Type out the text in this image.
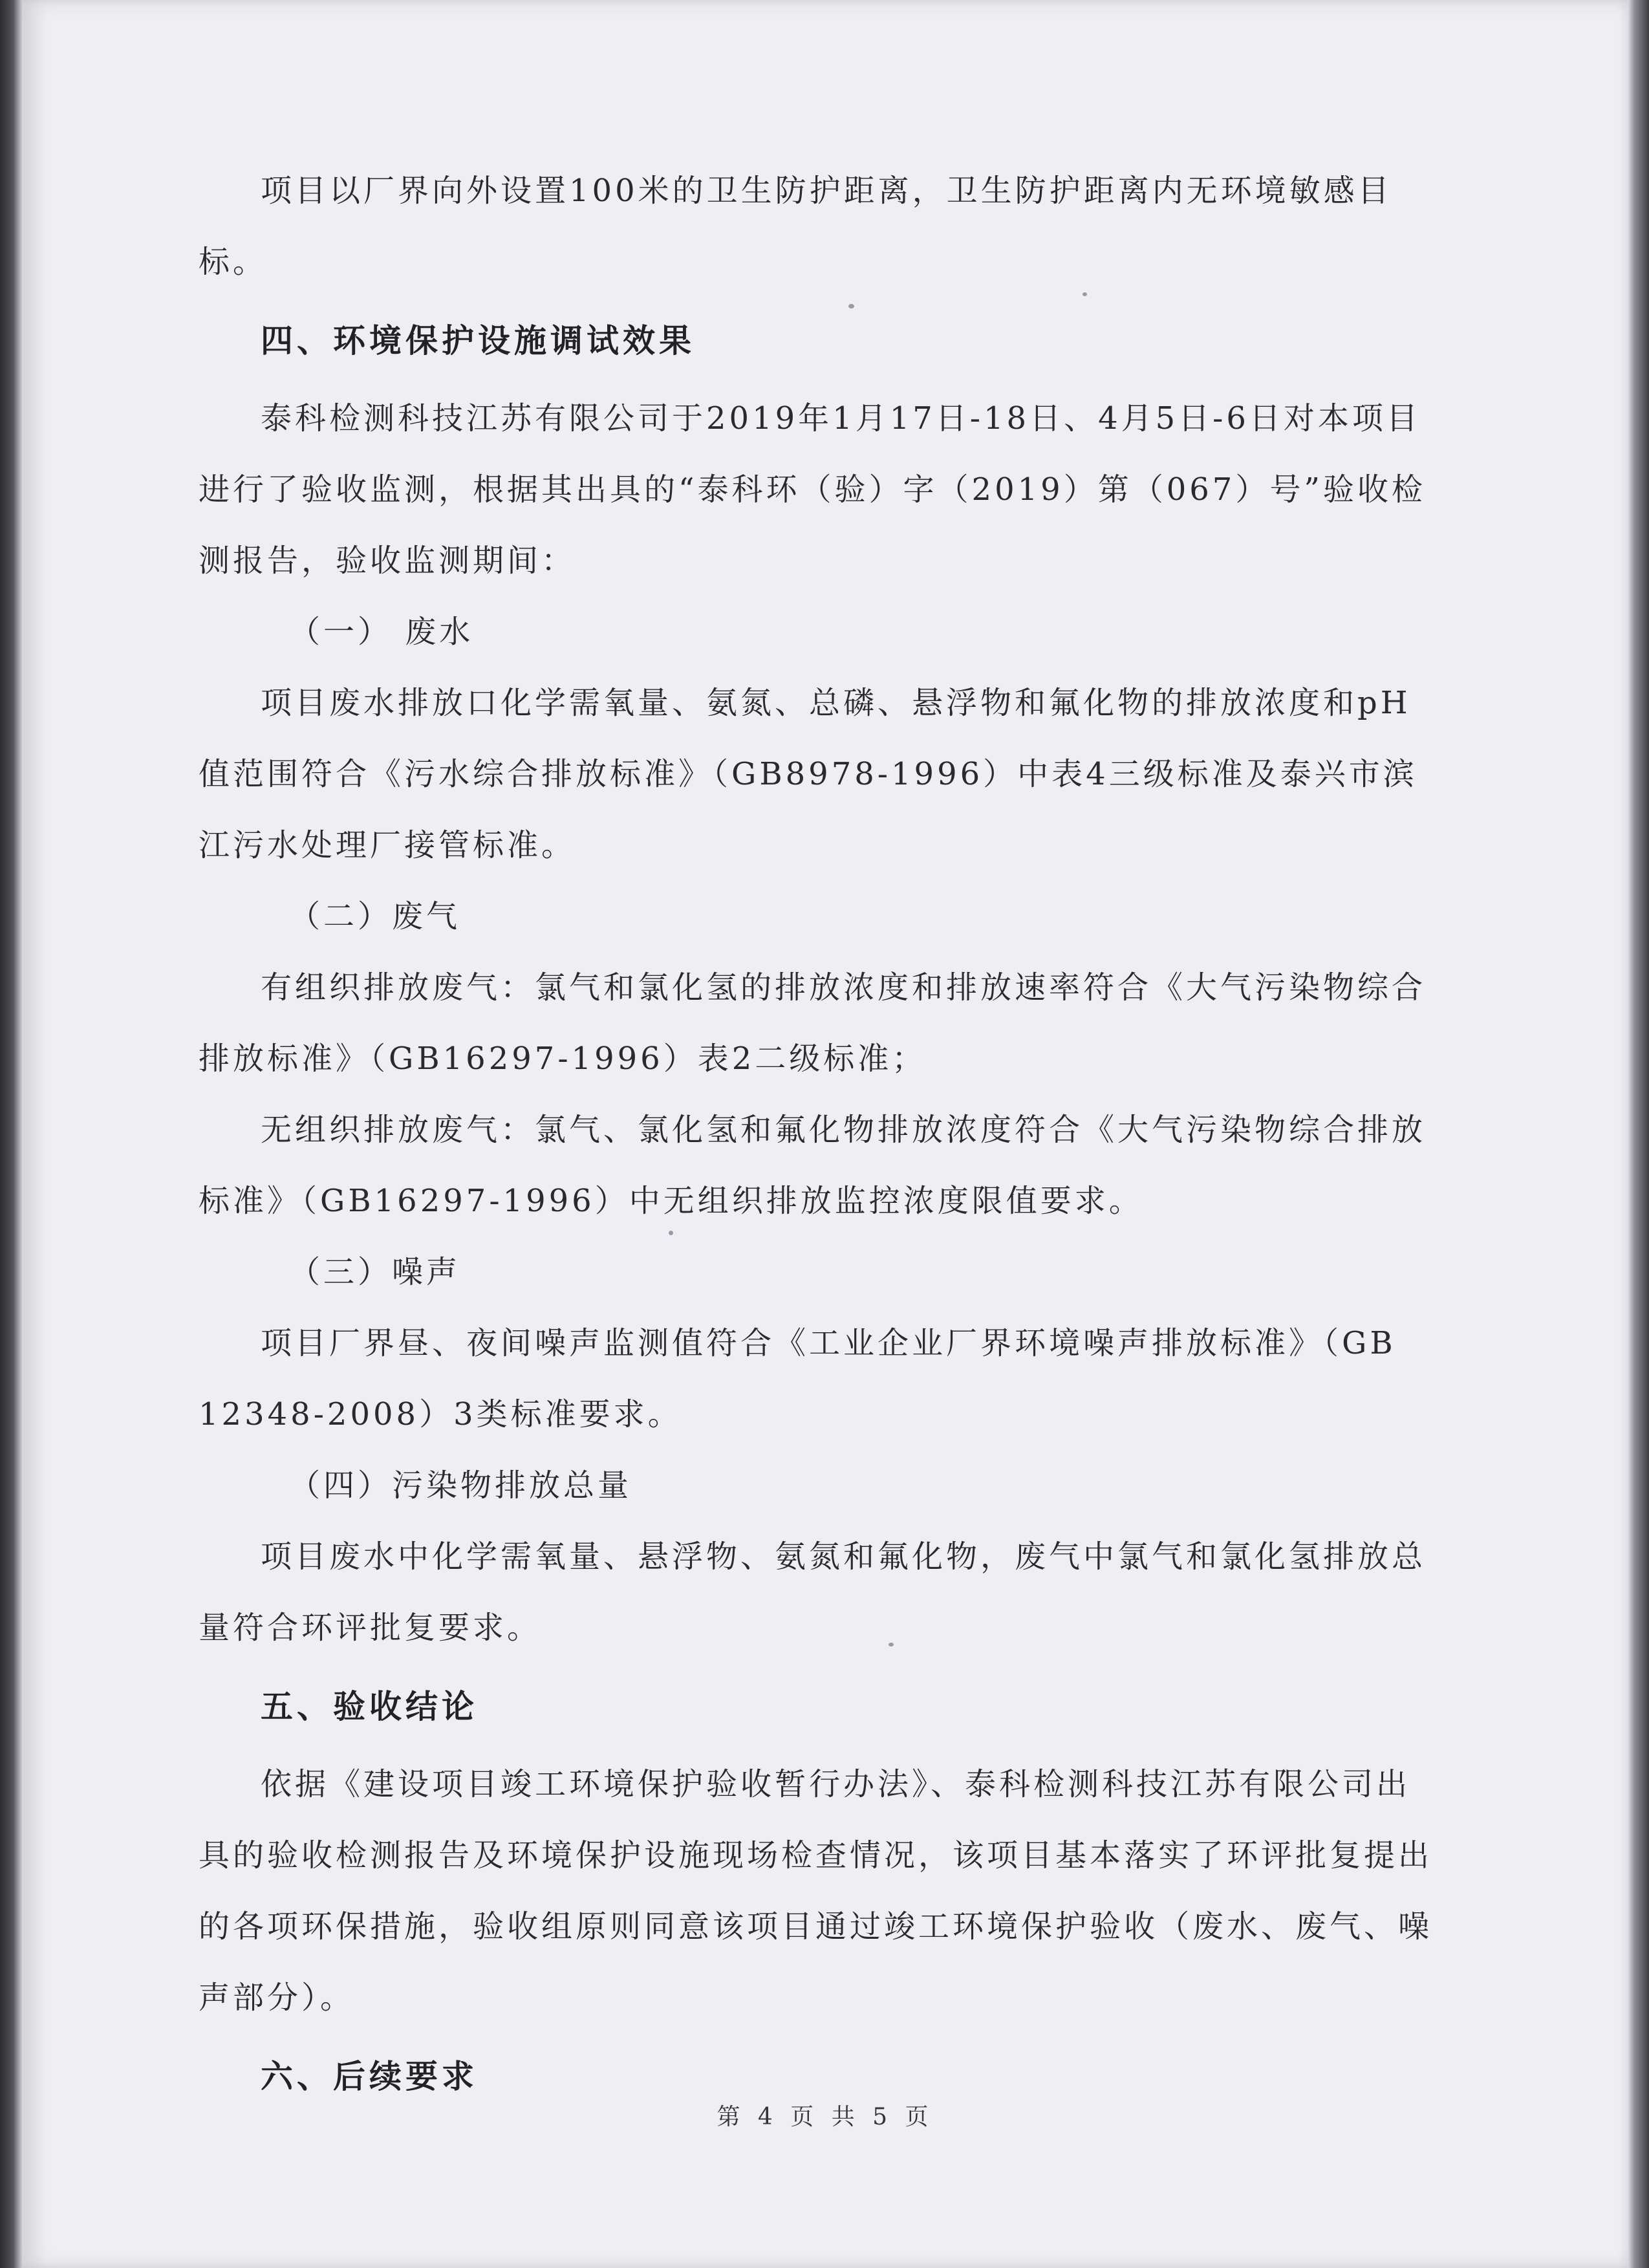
项目以厂界向外设置100米的卫生防护距离，卫生防护距离内无环境敏感目标。

四、环境保护设施调试效果

泰科检测科技江苏有限公司于2019年1月17日-18日、4月5日-6日对本项目进行了验收监测，根据其出具的“泰科环（验）字（2019）第（067）号”验收检测报告，验收监测期间：

（一） 废水

项目废水排放口化学需氧量、氨氮、总磷、悬浮物和氟化物的排放浓度和pH值范围符合《污水综合排放标准》（GB8978-1996）中表4三级标准及泰兴市滨江污水处理厂接管标准。

（二）废气

有组织排放废气：氯气和氯化氢的排放浓度和排放速率符合《大气污染物综合排放标准》（GB16297-1996）表2二级标准；

无组织排放废气：氯气、氯化氢和氟化物排放浓度符合《大气污染物综合排放标准》（GB16297-1996）中无组织排放监控浓度限值要求。

（三）噪声

项目厂界昼、夜间噪声监测值符合《工业企业厂界环境噪声排放标准》（GB 12348-2008）3类标准要求。

（四）污染物排放总量

项目废水中化学需氧量、悬浮物、氨氮和氟化物，废气中氯气和氯化氢排放总量符合环评批复要求。

五、验收结论

依据《建设项目竣工环境保护验收暂行办法》、泰科检测科技江苏有限公司出具的验收检测报告及环境保护设施现场检查情况，该项目基本落实了环评批复提出的各项环保措施，验收组原则同意该项目通过竣工环境保护验收（废水、废气、噪声部分）。

六、后续要求
第 4 页 共 5 页
